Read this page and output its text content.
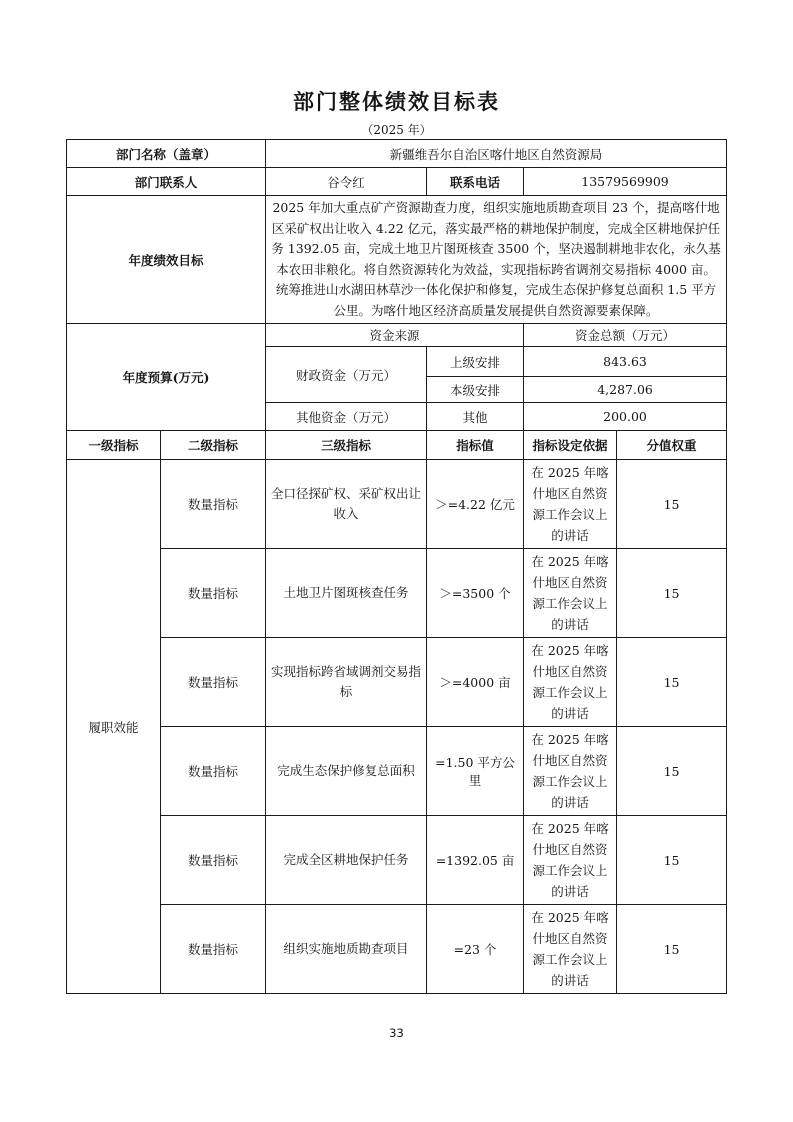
部门整体绩效目标表
（2025 年）
部门名称（盖章）		新疆维吾尔自治区喀什地区自然资源局			
部门联系人		谷令红	联系电话	13579569909	
年度绩效目标		2025 年加大重点矿产资源勘查力度，组织实施地质勘查项目 23 个，提高喀什地区采矿权出让收入 4.22 亿元，落实最严格的耕地保护制度，完成全区耕地保护任务 1392.05 亩，完成土地卫片图斑核查 3500 个，坚决遏制耕地非农化，永久基本农田非粮化。将自然资源转化为效益，实现指标跨省调剂交易指标 4000 亩。统筹推进山水湖田林草沙一体化保护和修复，完成生态保护修复总面积 1.5 平方公里。为喀什地区经济高质量发展提供自然资源要素保障。			
年度预算(万元)		资金来源		资金总额（万元）	
		财政资金（万元）	上级安排	843.63	
			本级安排	4,287.06	
		其他资金（万元）	其他	200.00	
一级指标	二级指标	三级指标	指标值	指标设定依据	分值权重
履职效能	数量指标	全口径探矿权、采矿权出让收入	＞=4.22 亿元	在 2025 年喀什地区自然资源工作会议上的讲话	15
	数量指标	土地卫片图斑核查任务	＞=3500 个	在 2025 年喀什地区自然资源工作会议上的讲话	15
	数量指标	实现指标跨省域调剂交易指标	＞=4000 亩	在 2025 年喀什地区自然资源工作会议上的讲话	15
	数量指标	完成生态保护修复总面积	=1.50 平方公里	在 2025 年喀什地区自然资源工作会议上的讲话	15
	数量指标	完成全区耕地保护任务	=1392.05 亩	在 2025 年喀什地区自然资源工作会议上的讲话	15
	数量指标	组织实施地质勘查项目	=23 个	在 2025 年喀什地区自然资源工作会议上的讲话	15
33
